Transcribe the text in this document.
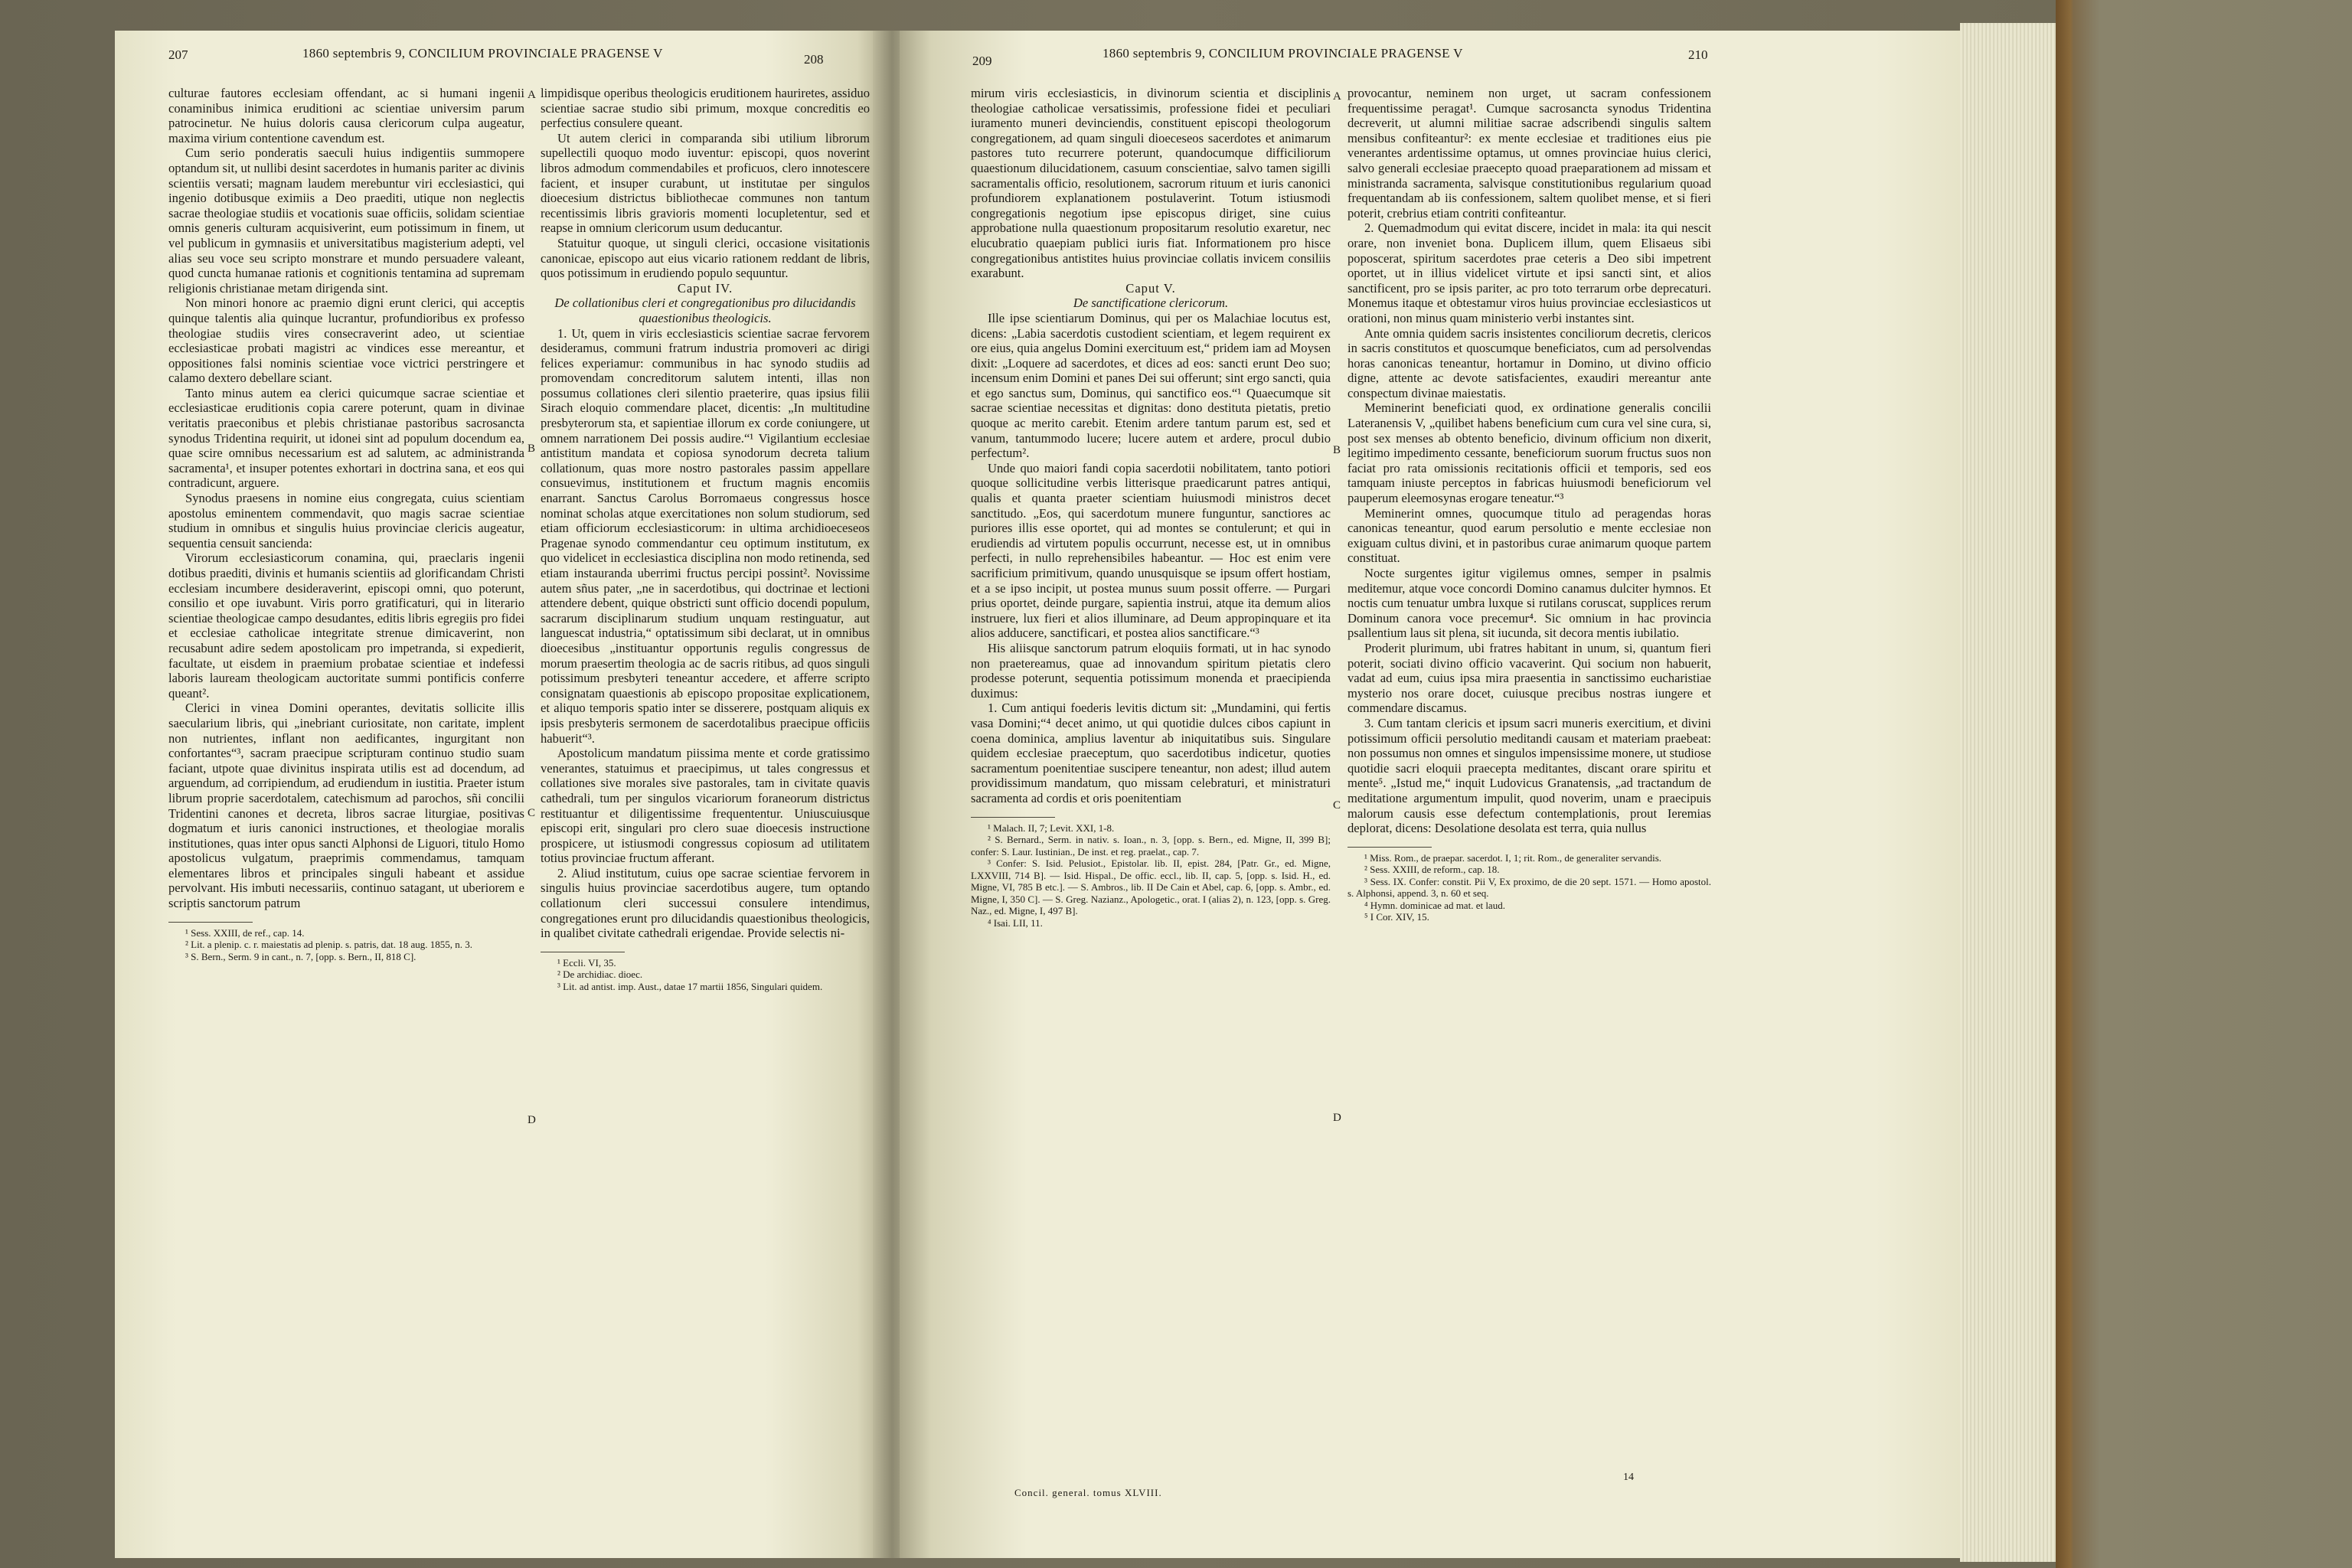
207	1860 septembris 9, CONCILIUM PROVINCIALE PRAGENSE V	208

culturae fautores ecclesiam offendant, ac si humani ingenii conaminibus inimica eruditioni ac scientiae universim parum patrocinetur. Ne huius doloris causa clericorum culpa augeatur, maxima virium contentione cavendum est.

Cum serio ponderatis saeculi huius indigentiis summopere optandum sit, ut nullibi desint sacerdotes in humanis pariter ac divinis scientiis versati; magnam laudem merebuntur viri ecclesiastici, qui ingenio dotibusque eximiis a Deo praediti, utique non neglectis sacrae theologiae studiis et vocationis suae officiis, solidam scientiae omnis generis culturam acquisiverint, eum potissimum in finem, ut vel publicum in gymnasiis et universitatibus magisterium adepti, vel alias seu voce seu scripto monstrare et mundo persuadere valeant, quod cuncta humanae rationis et cognitionis tentamina ad supremam religionis christianae metam dirigenda sint.

Non minori honore ac praemio digni erunt clerici, qui acceptis quinque talentis alia quinque lucrantur, profundioribus ex professo theologiae studiis vires consecraverint adeo, ut scientiae ecclesiasticae probati magistri ac vindices esse mereantur, et oppositiones falsi nominis scientiae voce victrici perstringere et calamo dextero debellare sciant.

Tanto minus autem ea clerici quicumque sacrae scientiae et ecclesiasticae eruditionis copia carere poterunt, quam in divinae veritatis praeconibus et plebis christianae pastoribus sacrosancta synodus Tridentina requirit, ut idonei sint ad populum docendum ea, quae scire omnibus necessarium est ad salutem, ac administranda sacramenta¹, et insuper potentes exhortari in doctrina sana, et eos qui contradicunt, arguere.

Synodus praesens in nomine eius congregata, cuius scientiam apostolus eminentem commendavit, quo magis sacrae scientiae studium in omnibus et singulis huius provinciae clericis augeatur, sequentia censuit sancienda:

Virorum ecclesiasticorum conamina, qui, praeclaris ingenii dotibus praediti, divinis et humanis scientiis ad glorificandam Christi ecclesiam incumbere desideraverint, episcopi omni, quo poterunt, consilio et ope iuvabunt. Viris porro gratificaturi, qui in literario scientiae theologicae campo desudantes, editis libris egregiis pro fidei et ecclesiae catholicae integritate strenue dimicaverint, non recusabunt adire sedem apostolicam pro impetranda, si expedierit, facultate, ut eisdem in praemium probatae scientiae et indefessi laboris lauream theologicam auctoritate summi pontificis conferre queant².

Clerici in vinea Domini operantes, devitatis sollicite illis saecularium libris, qui „inebriant curiositate, non caritate, implent non nutrientes, inflant non aedificantes, ingurgitant non confortantes“³, sacram praecipue scripturam continuo studio suam faciant, utpote quae divinitus inspirata utilis est ad docendum, ad arguendum, ad corripiendum, ad erudiendum in iustitia. Praeter istum librum proprie sacerdotalem, catechismum ad parochos, sñi concilii Tridentini canones et decreta, libros sacrae liturgiae, positivas dogmatum et iuris canonici instructiones, et theologiae moralis institutiones, quas inter opus sancti Alphonsi de Liguori, titulo Homo apostolicus vulgatum, praeprimis commendamus, tamquam elementares libros et principales singuli habeant et assidue pervolvant. His imbuti necessariis, continuo satagant, ut uberiorem e scriptis sanctorum patrum

¹ Sess. XXIII, de ref., cap. 14.

² Lit. a plenip. c. r. maiestatis ad plenip. s. patris, dat. 18 aug. 1855, n. 3.

³ S. Bern., Serm. 9 in cant., n. 7, [opp. s. Bern., II, 818 C].

limpidisque operibus theologicis eruditionem hauriretes, assiduo scientiae sacrae studio sibi primum, moxque concreditis eo perfectius consulere queant.

Ut autem clerici in comparanda sibi utilium librorum supellectili quoquo modo iuventur: episcopi, quos noverint libros admodum commendabiles et proficuos, clero innotescere facient, et insuper curabunt, ut institutae per singulos dioecesium districtus bibliothecae communes non tantum recentissimis libris gravioris momenti locupletentur, sed et reapse in omnium clericorum usum deducantur.

Statuitur quoque, ut singuli clerici, occasione visitationis canonicae, episcopo aut eius vicario rationem reddant de libris, quos potissimum in erudiendo populo sequuntur.

Caput IV.

De collationibus cleri et congregationibus pro dilucidandis quaestionibus theologicis.

1. Ut, quem in viris ecclesiasticis scientiae sacrae fervorem desideramus, communi fratrum industria promoveri ac dirigi felices experiamur: communibus in hac synodo studiis ad promovendam concreditorum salutem intenti, illas non possumus collationes cleri silentio praeterire, quas ipsius filii Sirach eloquio commendare placet, dicentis: „In multitudine presbyterorum sta, et sapientiae illorum ex corde coniungere, ut omnem narrationem Dei possis audire.“¹ Vigilantium ecclesiae antistitum mandata et copiosa synodorum decreta talium collationum, quas more nostro pastorales passim appellare consuevimus, institutionem et fructum magnis encomiis enarrant. Sanctus Carolus Borromaeus congressus hosce nominat scholas atque exercitationes non solum studiorum, sed etiam officiorum ecclesiasticorum: in ultima archidioeceseos Pragenae synodo commendantur ceu optimum institutum, ex quo videlicet in ecclesiastica disciplina non modo retinenda, sed etiam instauranda uberrimi fructus percipi possint². Novissime autem sñus pater, „ne in sacerdotibus, qui doctrinae et lectioni attendere debent, quique obstricti sunt officio docendi populum, sacrarum disciplinarum studium unquam restinguatur, aut languescat industria,“ optatissimum sibi declarat, ut in omnibus dioecesibus „instituantur opportunis regulis congressus de morum praesertim theologia ac de sacris ritibus, ad quos singuli potissimum presbyteri teneantur accedere, et afferre scripto consignatam quaestionis ab episcopo propositae explicationem, et aliquo temporis spatio inter se disserere, postquam aliquis ex ipsis presbyteris sermonem de sacerdotalibus praecipue officiis habuerit“³.

Apostolicum mandatum piissima mente et corde gratissimo venerantes, statuimus et praecipimus, ut tales congressus et collationes sive morales sive pastorales, tam in civitate quavis cathedrali, tum per singulos vicariorum foraneorum districtus restituantur et diligentissime frequententur. Uniuscuiusque episcopi erit, singulari pro clero suae dioecesis instructione prospicere, ut istiusmodi congressus copiosum ad utilitatem totius provinciae fructum afferant.

2. Aliud institutum, cuius ope sacrae scientiae fervorem in singulis huius provinciae sacerdotibus augere, tum optando collationum cleri successui consulere intendimus, congregationes erunt pro dilucidandis quaestionibus theologicis, in qualibet civitate cathedrali erigendae. Provide selectis ni-

¹ Eccli. VI, 35.

² De archidiac. dioec.

³ Lit. ad antist. imp. Aust., datae 17 martii 1856, Singulari quidem.

A
B
C
D
209
1860 septembris 9, CONCILIUM PROVINCIALE PRAGENSE V	210

mirum viris ecclesiasticis, in divinorum scientia et disciplinis theologiae catholicae versatissimis, professione fidei et peculiari iuramento muneri devinciendis, constituent episcopi theologorum congregationem, ad quam singuli dioeceseos sacerdotes et animarum pastores tuto recurrere poterunt, quandocumque difficiliorum quaestionum dilucidationem, casuum conscientiae, salvo tamen sigilli sacramentalis officio, resolutionem, sacrorum rituum et iuris canonici profundiorem explanationem postulaverint. Totum istiusmodi congregationis negotium ipse episcopus diriget, sine cuius approbatione nulla quaestionum propositarum resolutio exaretur, nec elucubratio quaepiam publici iuris fiat. Informationem pro hisce congregationibus antistites huius provinciae collatis invicem consiliis exarabunt.

Caput V.

De sanctificatione clericorum.

Ille ipse scientiarum Dominus, qui per os Malachiae locutus est, dicens: „Labia sacerdotis custodient scientiam, et legem requirent ex ore eius, quia angelus Domini exercituum est,“ pridem iam ad Moysen dixit: „Loquere ad sacerdotes, et dices ad eos: sancti erunt Deo suo; incensum enim Domini et panes Dei sui offerunt; sint ergo sancti, quia et ego sanctus sum, Dominus, qui sanctifico eos.“¹ Quaecumque sit sacrae scientiae necessitas et dignitas: dono destituta pietatis, pretio quoque ac merito carebit. Etenim ardere tantum parum est, sed et vanum, tantummodo lucere; lucere autem et ardere, procul dubio perfectum².

Unde quo maiori fandi copia sacerdotii nobilitatem, tanto potiori quoque sollicitudine verbis litterisque praedicarunt patres antiqui, qualis et quanta praeter scientiam huiusmodi ministros decet sanctitudo. „Eos, qui sacerdotum munere funguntur, sanctiores ac puriores illis esse oportet, qui ad montes se contulerunt; et qui in erudiendis ad virtutem populis occurrunt, necesse est, ut in omnibus perfecti, in nullo reprehensibiles habeantur. — Hoc est enim vere sacrificium primitivum, quando unusquisque se ipsum offert hostiam, et a se ipso incipit, ut postea munus suum possit offerre. — Purgari prius oportet, deinde purgare, sapientia instrui, atque ita demum alios instruere, lux fieri et alios illuminare, ad Deum appropinquare et ita alios adducere, sanctificari, et postea alios sanctificare.“³

His aliisque sanctorum patrum eloquiis formati, ut in hac synodo non praetereamus, quae ad innovandum spiritum pietatis clero prodesse poterunt, sequentia potissimum monenda et praecipienda duximus:

1. Cum antiqui foederis levitis dictum sit: „Mundamini, qui fertis vasa Domini;“⁴ decet animo, ut qui quotidie dulces cibos capiunt in coena dominica, amplius laventur ab iniquitatibus suis. Singulare quidem ecclesiae praeceptum, quo sacerdotibus indicetur, quoties sacramentum poenitentiae suscipere teneantur, non adest; illud autem providissimum mandatum, quo missam celebraturi, et ministraturi sacramenta ad cordis et oris poenitentiam

¹ Malach. II, 7; Levit. XXI, 1-8.

² S. Bernard., Serm. in nativ. s. Ioan., n. 3, [opp. s. Bern., ed. Migne, II, 399 B]; confer: S. Laur. Iustinian., De inst. et reg. praelat., cap. 7.

³ Confer: S. Isid. Pelusiot., Epistolar. lib. II, epist. 284, [Patr. Gr., ed. Migne, LXXVIII, 714 B]. — Isid. Hispal., De offic. eccl., lib. II, cap. 5, [opp. s. Isid. H., ed. Migne, VI, 785 B etc.]. — S. Ambros., lib. II De Cain et Abel, cap. 6, [opp. s. Ambr., ed. Migne, I, 350 C]. — S. Greg. Nazianz., Apologetic., orat. I (alias 2), n. 123, [opp. s. Greg. Naz., ed. Migne, I, 497 B].

⁴ Isai. LII, 11.

provocantur, neminem non urget, ut sacram confessionem frequentissime peragat¹. Cumque sacrosancta synodus Tridentina decreverit, ut alumni militiae sacrae adscribendi singulis saltem mensibus confiteantur²: ex mente ecclesiae et traditiones eius pie venerantes ardentissime optamus, ut omnes provinciae huius clerici, salvo generali ecclesiae praecepto quoad praeparationem ad missam et ministranda sacramenta, salvisque constitutionibus regularium quoad frequentandam ab iis confessionem, saltem quolibet mense, et si fieri poterit, crebrius etiam contriti confiteantur.

2. Quemadmodum qui evitat discere, incidet in mala: ita qui nescit orare, non inveniet bona. Duplicem illum, quem Elisaeus sibi poposcerat, spiritum sacerdotes prae ceteris a Deo sibi impetrent oportet, ut in illius videlicet virtute et ipsi sancti sint, et alios sanctificent, pro se ipsis pariter, ac pro toto terrarum orbe deprecaturi. Monemus itaque et obtestamur viros huius provinciae ecclesiasticos ut orationi, non minus quam ministerio verbi instantes sint.

Ante omnia quidem sacris insistentes conciliorum decretis, clericos in sacris constitutos et quoscumque beneficiatos, cum ad persolvendas horas canonicas teneantur, hortamur in Domino, ut divino officio digne, attente ac devote satisfacientes, exaudiri mereantur ante conspectum divinae maiestatis.

Meminerint beneficiati quod, ex ordinatione generalis concilii Lateranensis V, „quilibet habens beneficium cum cura vel sine cura, si, post sex menses ab obtento beneficio, divinum officium non dixerit, legitimo impedimento cessante, beneficiorum suorum fructus suos non faciat pro rata omissionis recitationis officii et temporis, sed eos tamquam iniuste perceptos in fabricas huiusmodi beneficiorum vel pauperum eleemosynas erogare teneatur.“³

Meminerint omnes, quocumque titulo ad peragendas horas canonicas teneantur, quod earum persolutio e mente ecclesiae non exiguam cultus divini, et in pastoribus curae animarum quoque partem constituat.

Nocte surgentes igitur vigilemus omnes, semper in psalmis meditemur, atque voce concordi Domino canamus dulciter hymnos. Et noctis cum tenuatur umbra luxque si rutilans coruscat, supplices rerum Dominum canora voce precemur⁴. Sic omnium in hac provincia psallentium laus sit plena, sit iucunda, sit decora mentis iubilatio.

Proderit plurimum, ubi fratres habitant in unum, si, quantum fieri poterit, sociati divino officio vacaverint. Qui socium non habuerit, vadat ad eum, cuius ipsa mira praesentia in sanctissimo eucharistiae mysterio nos orare docet, cuiusque precibus nostras iungere et commendare discamus.

3. Cum tantam clericis et ipsum sacri muneris exercitium, et divini potissimum officii persolutio meditandi causam et materiam praebeat: non possumus non omnes et singulos impensissime monere, ut studiose quotidie sacri eloquii praecepta meditantes, discant orare spiritu et mente⁵. „Istud me,“ inquit Ludovicus Granatensis, „ad tractandum de meditatione argumentum impulit, quod noverim, unam e praecipuis malorum causis esse defectum contemplationis, prout Ieremias deplorat, dicens: Desolatione desolata est terra, quia nullus

¹ Miss. Rom., de praepar. sacerdot. I, 1; rit. Rom., de generaliter servandis.

² Sess. XXIII, de reform., cap. 18.

³ Sess. IX. Confer: constit. Pii V, Ex proximo, de die 20 sept. 1571. — Homo apostol. s. Alphonsi, append. 3, n. 60 et seq.

⁴ Hymn. dominicae ad mat. et laud.

⁵ I Cor. XIV, 15.

A
B
C
D
Concil. general. tomus XLVIII.
14
